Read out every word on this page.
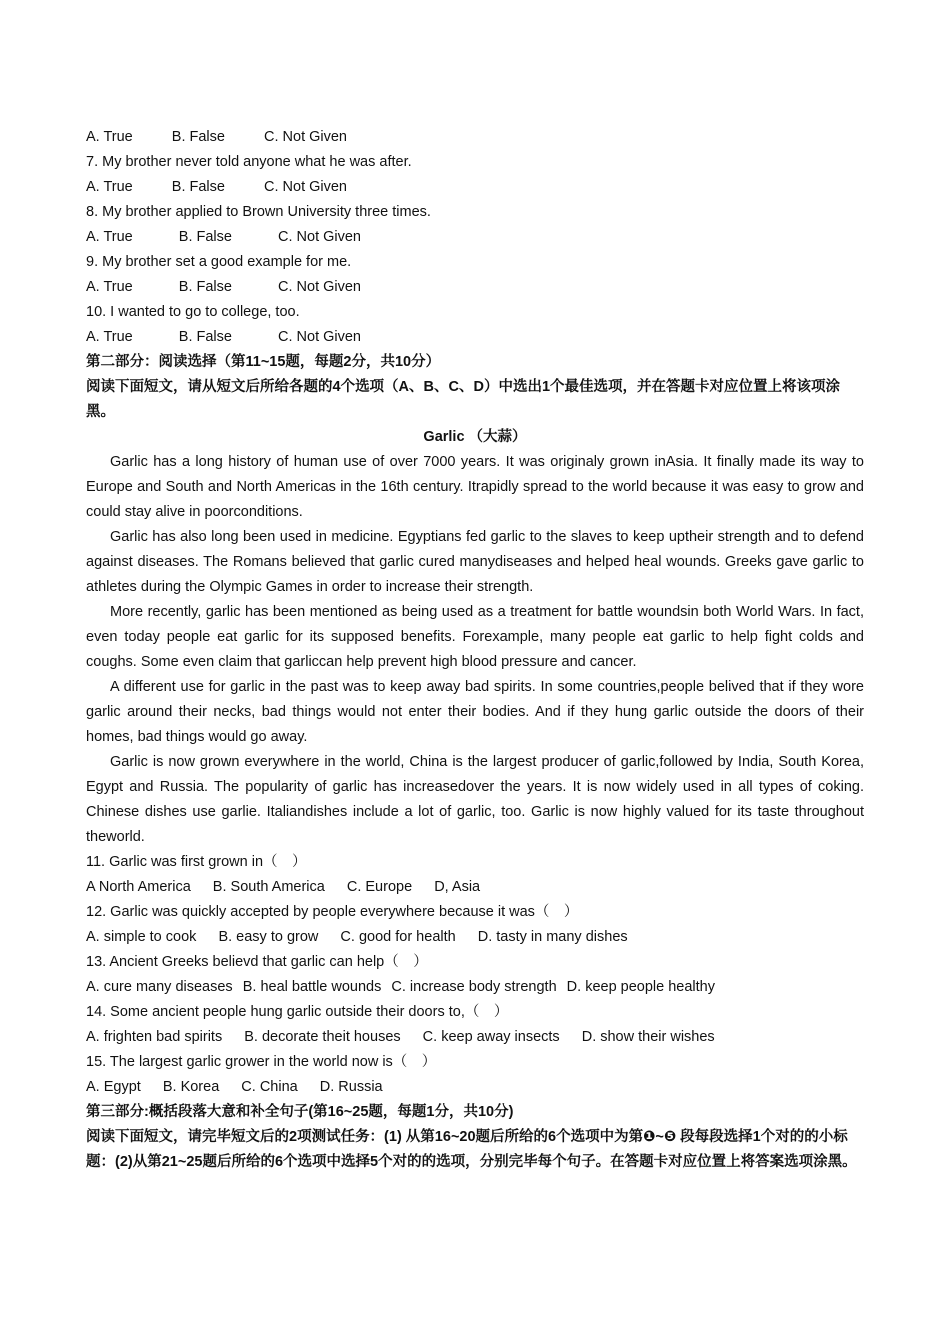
A. True	B. False	C. Not Given
7. My brother never told anyone what he was after.
A. True	B. False	C. Not Given
8. My brother applied to Brown University three times.
A. True	B. False	C. Not Given
9. My brother set a good example for me.
A. True	B. False	C. Not Given
10. I wanted to go to college, too.
A. True	B. False	C. Not Given
第二部分：阅读选择（第11~15题，每题2分，共10分）
阅读下面短文，请从短文后所给各题的4个选项（A、B、C、D）中选出1个最佳选项，并在答题卡对应位置上将该项涂黑。
Garlic （大蒜）

Garlic has a long history of human use of over 7000 years. It was originaly grown inAsia. It finally made its way to Europe and South and North Americas in the 16th century. Itrapidly spread to the world because it was easy to grow and could stay alive in poorconditions.

Garlic has also long been used in medicine. Egyptians fed garlic to the slaves to keep uptheir strength and to defend against diseases. The Romans believed that garlic cured manydiseases and helped heal wounds. Greeks gave garlic to athletes during the Olympic Games in order to increase their strength.

More recently, garlic has been mentioned as being used as a treatment for battle woundsin both World Wars. In fact, even today people eat garlic for its supposed benefits. Forexample, many people eat garlic to help fight colds and coughs. Some even claim that garliccan help prevent high blood pressure and cancer.

A different use for garlic in the past was to keep away bad spirits. In some countries,people belived that if they wore garlic around their necks, bad things would not enter their bodies. And if they hung garlic outside the doors of their homes, bad things would go away.

Garlic is now grown everywhere in the world, China is the largest producer of garlic,followed by India, South Korea, Egypt and Russia. The popularity of garlic has increasedover the years. It is now widely used in all types of coking. Chinese dishes use garlie. Italiandishes include a lot of garlic, too. Garlic is now highly valued for its taste throughout theworld.

11. Garlic was first grown in（　）
A North America B. South America C. Europe D, Asia
12. Garlic was quickly accepted by people everywhere because it was（　）
A. simple to cook B. easy to grow C. good for health D. tasty in many dishes
13. Ancient Greeks believd that garlic can help（　）
A. cure many diseases B. heal battle wounds C. increase body strength D. keep people healthy
14. Some ancient people hung garlic outside their doors to,（　）
A. frighten bad spirits B. decorate theit houses C. keep away insects D. show their wishes
15. The largest garlic grower in the world now is（　）
A. Egypt B. Korea C. China D. Russia
第三部分:概括段落大意和补全句子(第16~25题，每题1分，共10分)
阅读下面短文，请完毕短文后的2项测试任务：(1) 从第16~20题后所给的6个选项中为第❶~❺ 段每段选择1个对的的小标题：(2)从第21~25题后所给的6个选项中选择5个对的的选项，分别完毕每个句子。在答题卡对应位置上将答案选项涂黑。
